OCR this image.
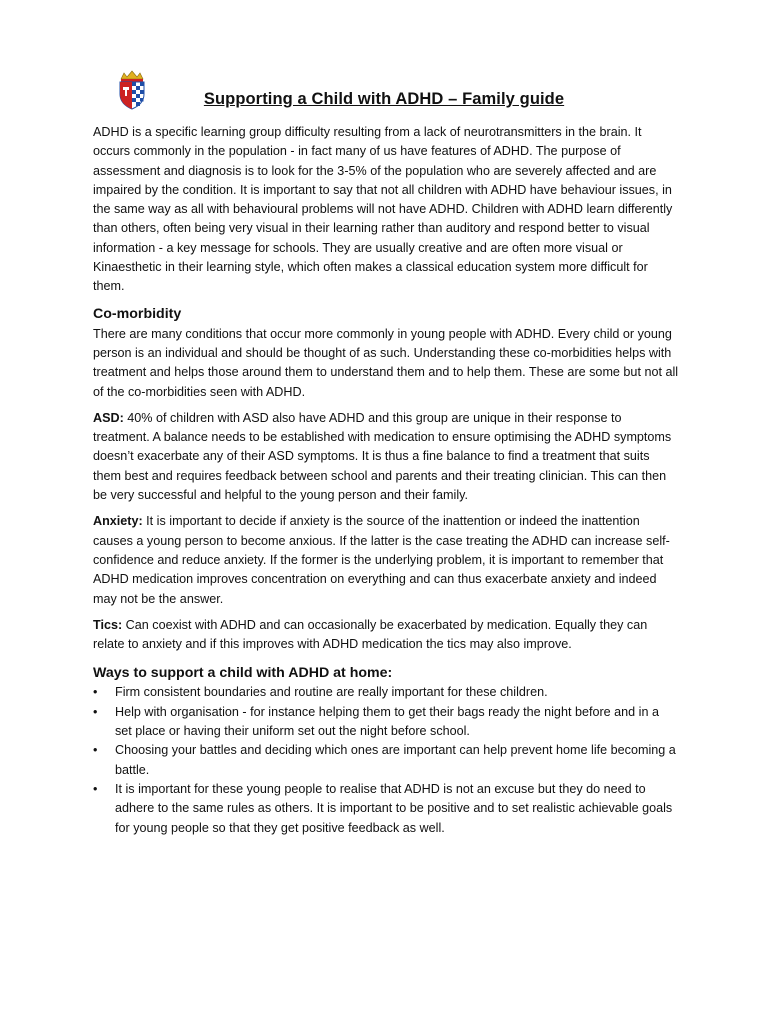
Supporting a Child with ADHD – Family guide

ADHD is a specific learning group difficulty resulting from a lack of neurotransmitters in the brain. It occurs commonly in the population - in fact many of us have features of ADHD. The purpose of assessment and diagnosis is to look for the 3-5% of the population who are severely affected and are impaired by the condition. It is important to say that not all children with ADHD have behaviour issues, in the same way as all with behavioural problems will not have ADHD. Children with ADHD learn differently than others, often being very visual in their learning rather than auditory and respond better to visual information - a key message for schools. They are usually creative and are often more visual or Kinaesthetic in their learning style, which often makes a classical education system more difficult for them.

Co-morbidity

There are many conditions that occur more commonly in young people with ADHD. Every child or young person is an individual and should be thought of as such. Understanding these co-morbidities helps with treatment and helps those around them to understand them and to help them. These are some but not all of the co-morbidities seen with ADHD.

ASD: 40% of children with ASD also have ADHD and this group are unique in their response to treatment. A balance needs to be established with medication to ensure optimising the ADHD symptoms doesn’t exacerbate any of their ASD symptoms. It is thus a fine balance to find a treatment that suits them best and requires feedback between school and parents and their treating clinician. This can then be very successful and helpful to the young person and their family.

Anxiety: It is important to decide if anxiety is the source of the inattention or indeed the inattention causes a young person to become anxious. If the latter is the case treating the ADHD can increase self-confidence and reduce anxiety. If the former is the underlying problem, it is important to remember that ADHD medication improves concentration on everything and can thus exacerbate anxiety and indeed may not be the answer.

Tics: Can coexist with ADHD and can occasionally be exacerbated by medication. Equally they can relate to anxiety and if this improves with ADHD medication the tics may also improve.

Ways to support a child with ADHD at home:
• Firm consistent boundaries and routine are really important for these children.
• Help with organisation - for instance helping them to get their bags ready the night before and in a set place or having their uniform set out the night before school.
• Choosing your battles and deciding which ones are important can help prevent home life becoming a battle.
• It is important for these young people to realise that ADHD is not an excuse but they do need to adhere to the same rules as others. It is important to be positive and to set realistic achievable goals for young people so that they get positive feedback as well.
